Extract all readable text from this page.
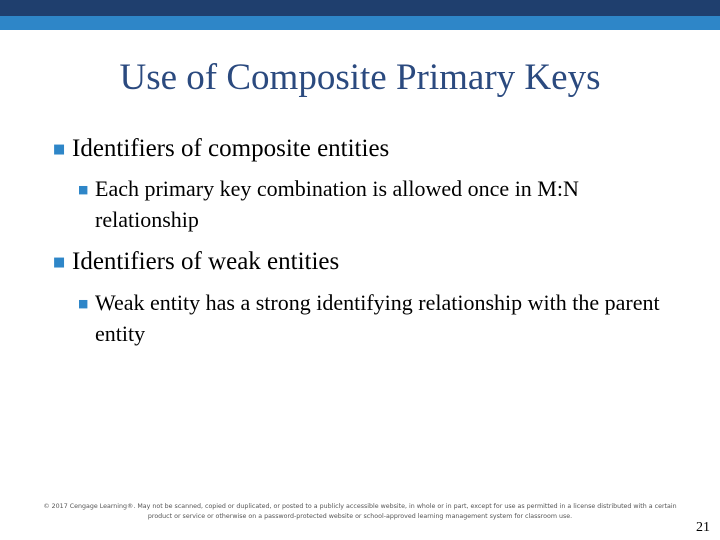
Use of Composite Primary Keys
■ Identifiers of composite entities
■ Each primary key combination is allowed once in M:N relationship
■ Identifiers of weak entities
■ Weak entity has a strong identifying relationship with the parent entity
© 2017 Cengage Learning®. May not be scanned, copied or duplicated, or posted to a publicly accessible website, in whole or in part, except for use as permitted in a license distributed with a certain product or service or otherwise on a password-protected website or school-approved learning management system for classroom use.
21
